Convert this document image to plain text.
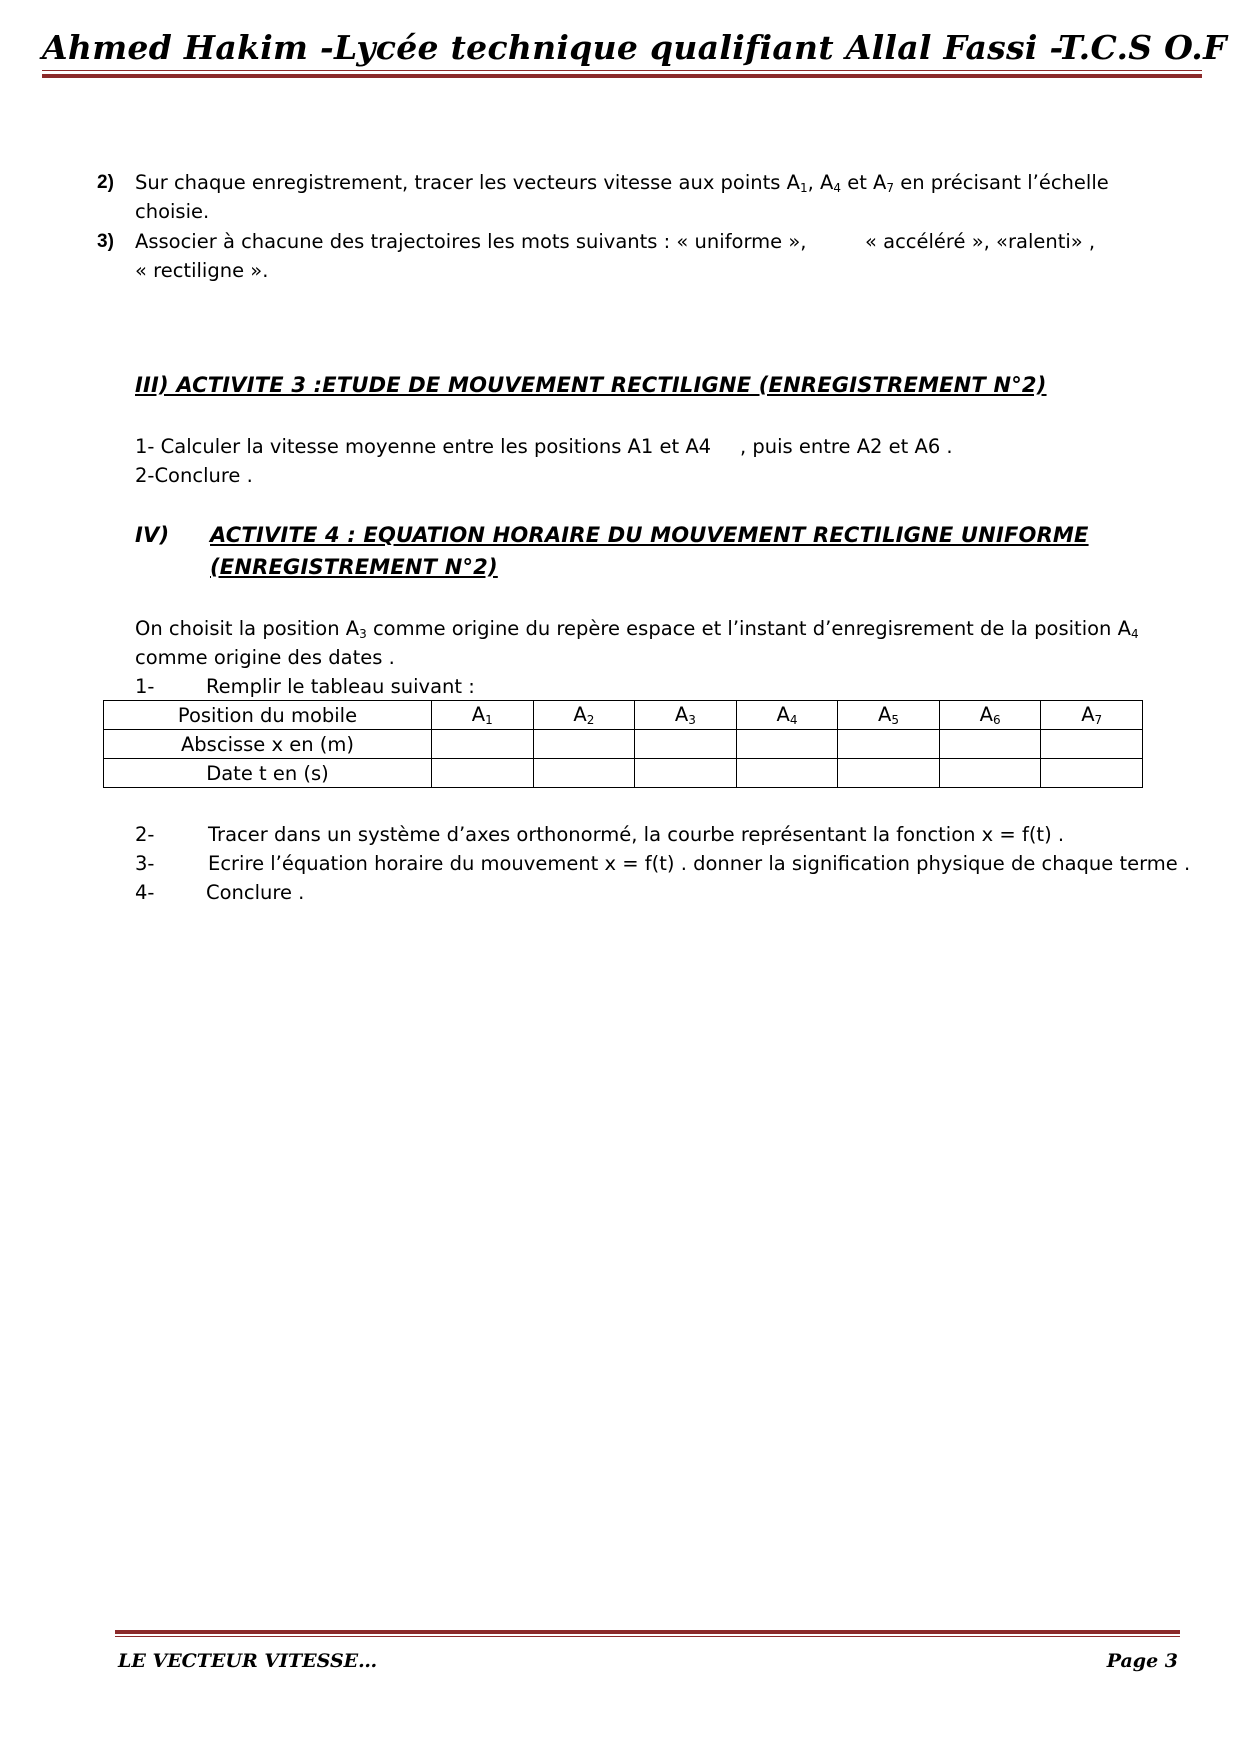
Ahmed Hakim -Lycée technique qualifiant Allal Fassi -T.C.S O.F
2) Sur chaque enregistrement, tracer les vecteurs vitesse aux points $A_1$, $A_4$ et $A_7$ en précisant l’échelle
choisie.
3) Associer à chacune des trajectoires les mots suivants : « uniforme »,	« accéléré », «ralenti» ,
« rectiligne ».
III) ACTIVITE 3 :ETUDE DE MOUVEMENT RECTILIGNE (ENREGISTREMENT N°2)
1- Calculer la vitesse moyenne entre les positions A1 et A4 , puis entre A2 et A6 .
2-Conclure .
IV) ACTIVITE 4 : EQUATION HORAIRE DU MOUVEMENT RECTILIGNE UNIFORME
(ENREGISTREMENT N°2)
On choisit la position $A_3$ comme origine du repère espace et l’instant d’enregisrement de la position $A_4$
comme origine des dates .
1-	Remplir le tableau suivant :
Position du mobile	$A_1$	$A_2$	$A_3$	$A_4$	$A_5$	$A_6$	$A_7$
Abscisse x en (m)							
Date t en (s)							
2-	Tracer dans un système d’axes orthonormé, la courbe représentant la fonction x = f(t) .
3-	Ecrire l’équation horaire du mouvement x = f(t) . donner la signification physique de chaque terme .
4-	Conclure .
LE VECTEUR VITESSE…	Page 3
